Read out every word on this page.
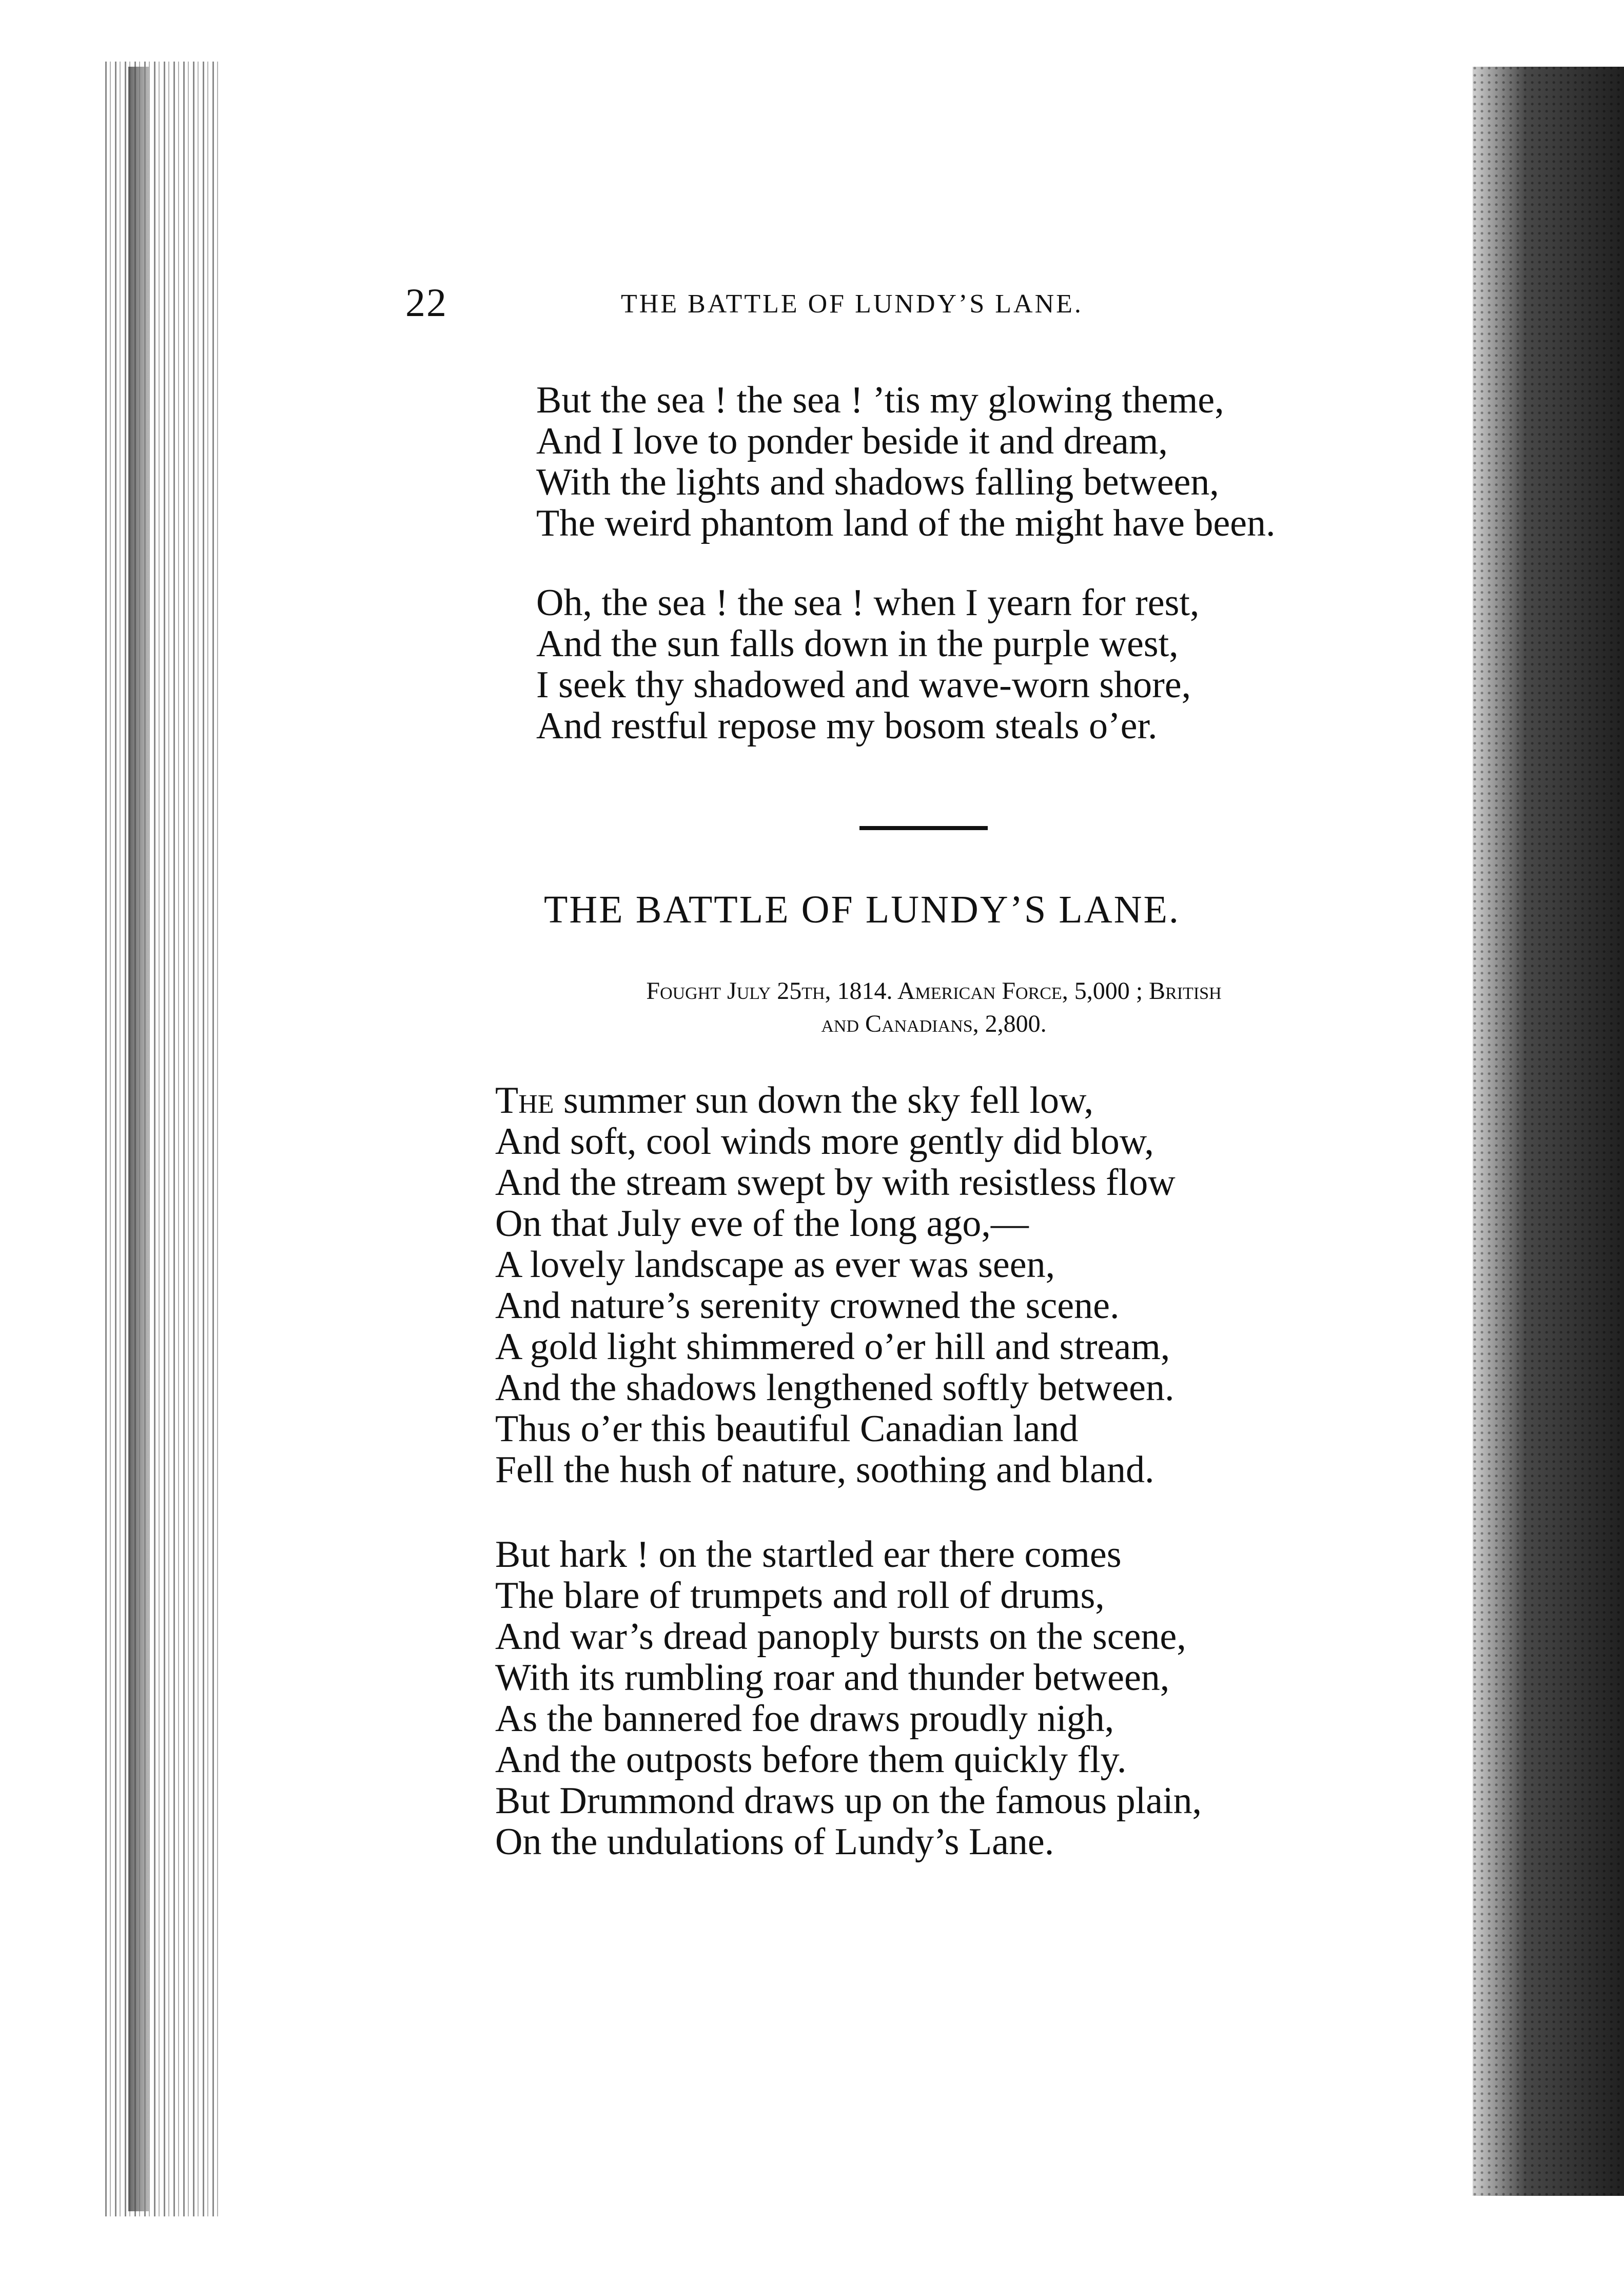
22	THE BATTLE OF LUNDY’S LANE.
But the sea ! the sea ! ’tis my glowing theme,
And I love to ponder beside it and dream,
With the lights and shadows falling between,
The weird phantom land of the might have been.
Oh, the sea ! the sea ! when I yearn for rest,
And the sun falls down in the purple west,
I seek thy shadowed and wave-worn shore,
And restful repose my bosom steals o’er.
THE BATTLE OF LUNDY’S LANE.
Fought July 25th, 1814. American Force, 5,000 ; British
and Canadians, 2,800.
The summer sun down the sky fell low,
And soft, cool winds more gently did blow,
And the stream swept by with resistless flow
On that July eve of the long ago,—
A lovely landscape as ever was seen,
And nature’s serenity crowned the scene.
A gold light shimmered o’er hill and stream,
And the shadows lengthened softly between.
Thus o’er this beautiful Canadian land
Fell the hush of nature, soothing and bland.
But hark ! on the startled ear there comes
The blare of trumpets and roll of drums,
And war’s dread panoply bursts on the scene,
With its rumbling roar and thunder between,
As the bannered foe draws proudly nigh,
And the outposts before them quickly fly.
But Drummond draws up on the famous plain,
On the undulations of Lundy’s Lane.
